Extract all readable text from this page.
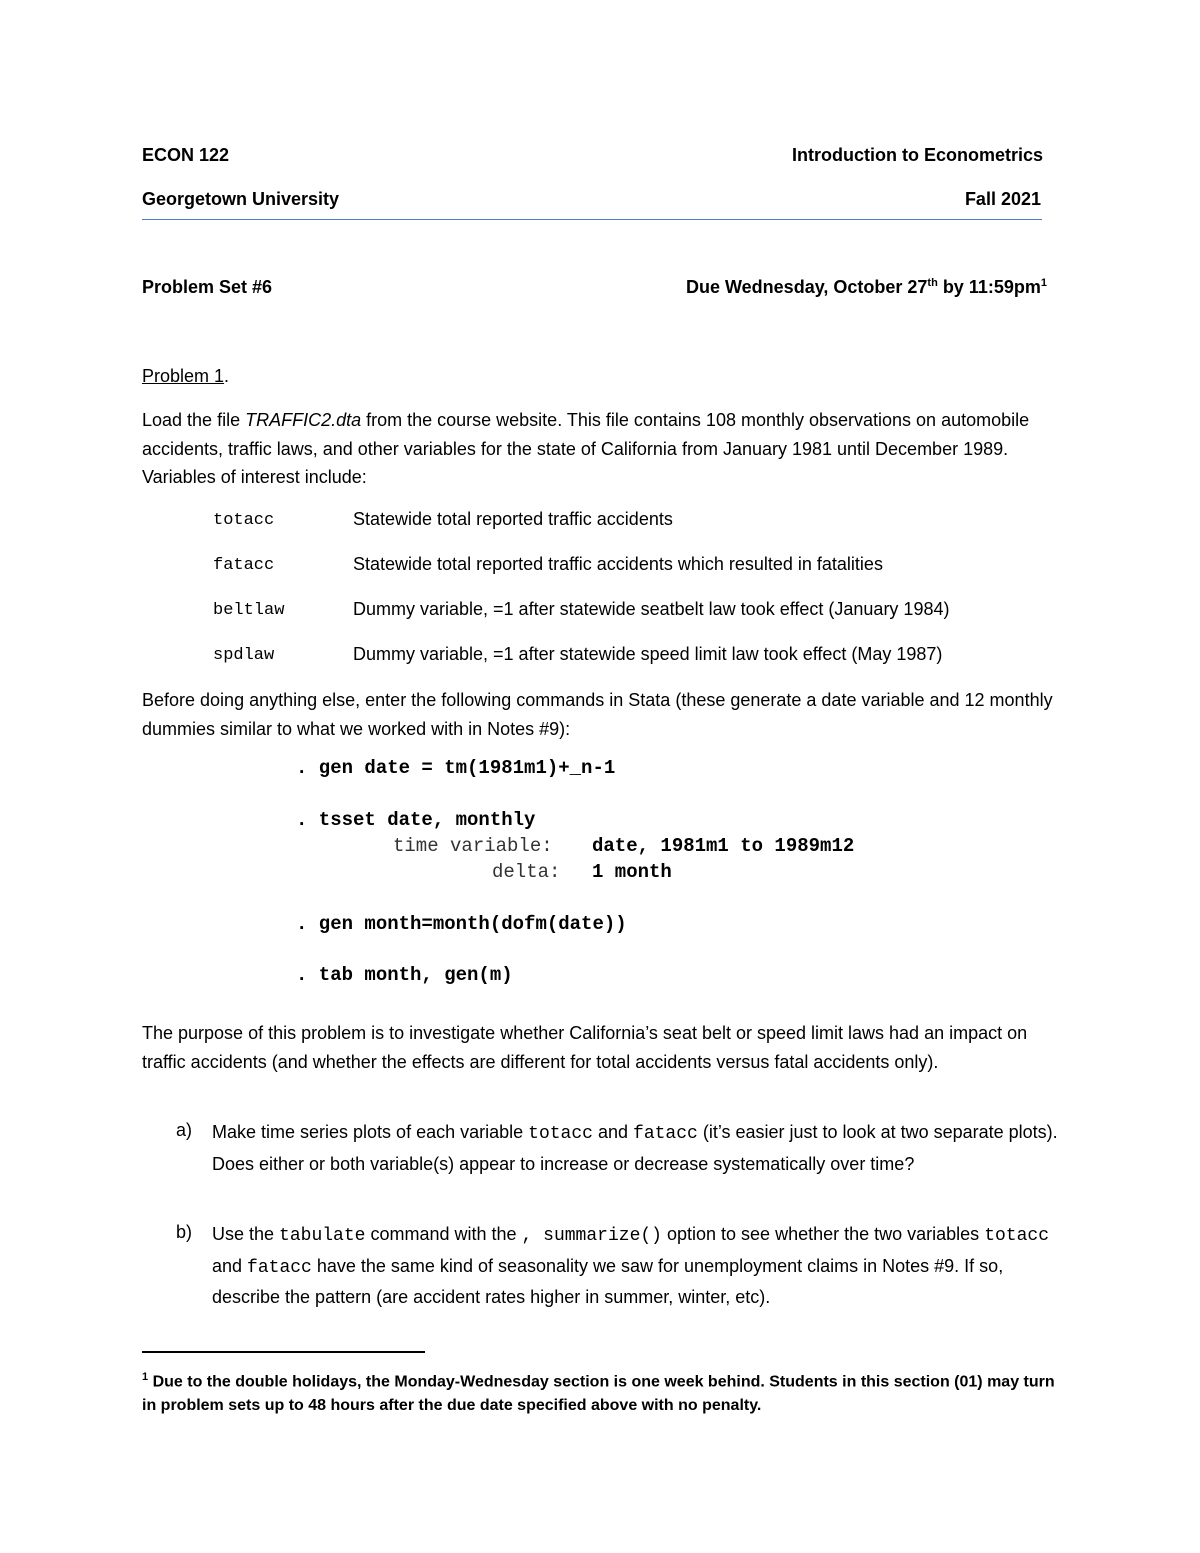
ECON 122	Introduction to Econometrics
Georgetown University	Fall 2021
Problem Set #6	Due Wednesday, October 27th by $11:59pm^1$
Problem 1.
Load the file TRAFFIC2.dta from the course website. This file contains 108 monthly observations on automobile accidents, traffic laws, and other variables for the state of California from January 1981 until December 1989. Variables of interest include:
totacc	Statewide total reported traffic accidents
fatacc	Statewide total reported traffic accidents which resulted in fatalities
beltlaw	Dummy variable, =1 after statewide seatbelt law took effect (January 1984)
spdlaw	Dummy variable, =1 after statewide speed limit law took effect (May 1987)
Before doing anything else, enter the following commands in Stata (these generate a date variable and 12 monthly dummies similar to what we worked with in Notes #9):
. gen date = tm(1981m1)+_n-1
. tsset date, monthly
time variable: date, 1981m1 to 1989m12
delta: 1 month
. gen month=month(dofm(date))
. tab month, gen(m)
The purpose of this problem is to investigate whether California’s seat belt or speed limit laws had an impact on traffic accidents (and whether the effects are different for total accidents versus fatal accidents only).
a) Make time series plots of each variable totacc and fatacc (it’s easier just to look at two separate plots). Does either or both variable(s) appear to increase or decrease systematically over time?
b) Use the tabulate command with the , summarize() option to see whether the two variables totacc and fatacc have the same kind of seasonality we saw for unemployment claims in Notes #9. If so, describe the pattern (are accident rates higher in summer, winter, etc).
$^1$ Due to the double holidays, the Monday-Wednesday section is one week behind. Students in this section (01) may turn in problem sets up to 48 hours after the due date specified above with no penalty.
